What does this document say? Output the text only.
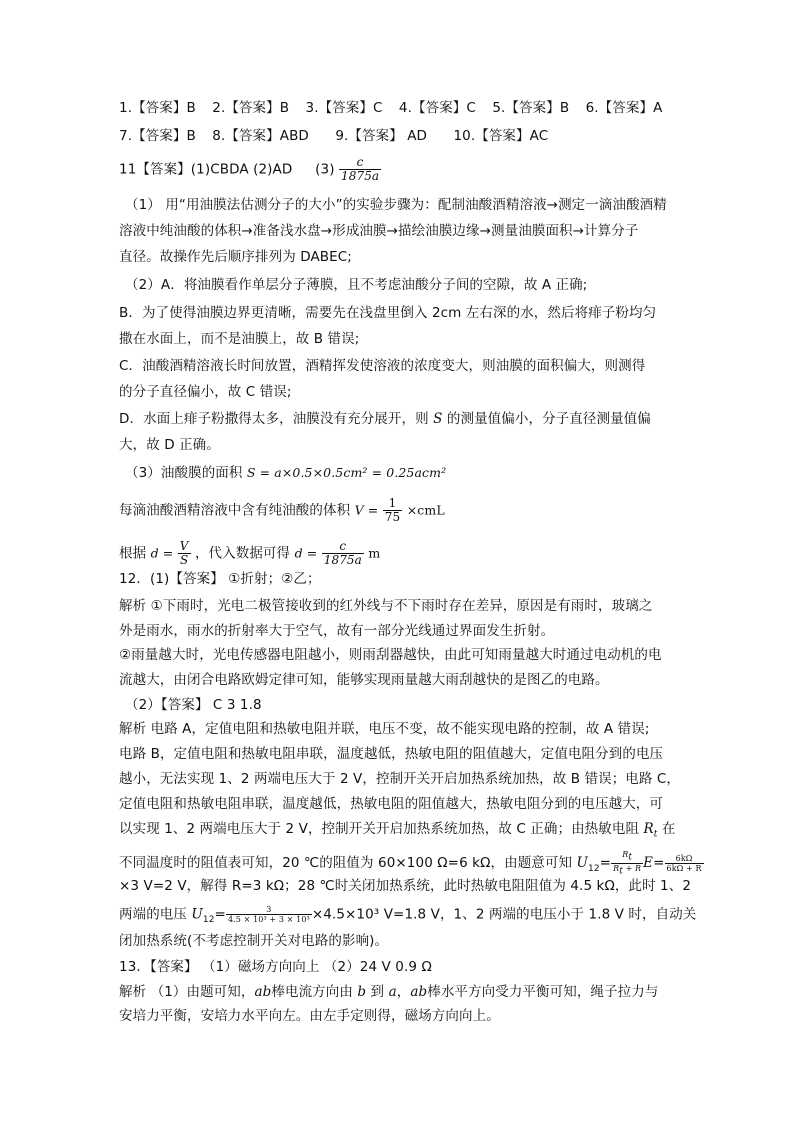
1.【答案】B 2.【答案】B 3.【答案】C 4.【答案】C 5.【答案】B 6.【答案】A
7.【答案】B 8.【答案】ABD 9.【答案】 AD 10.【答案】AC
11【答案】(1)CBDA (2)AD $(3) \frac{c}{1875a}$
（1） 用“用油膜法估测分子的大小”的实验步骤为：配制油酸酒精溶液→测定一滴油酸酒精
溶液中纯油酸的体积→准备浅水盘→形成油膜→描绘油膜边缘→测量油膜面积→计算分子
直径。故操作先后顺序排列为 DABEC;
（2）A．将油膜看作单层分子薄膜，且不考虑油酸分子间的空隙，故 A 正确;
B．为了使得油膜边界更清晰，需要先在浅盘里倒入 2cm 左右深的水，然后将痱子粉均匀
撒在水面上，而不是油膜上，故 B 错误;
C．油酸酒精溶液长时间放置，酒精挥发使溶液的浓度变大，则油膜的面积偏大，则测得
的分子直径偏小，故 C 错误;
D．水面上痱子粉撒得太多，油膜没有充分展开，则 S 的测量值偏小，分子直径测量值偏
大，故 D 正确。
（3）油酸膜的面积 S = a×0.5×0.5cm² = 0.25acm²
每滴油酸酒精溶液中含有纯油酸的体积 $V = \frac{1}{75} \times cmL$
根据 $d = \frac{V}{S}$ ，代入数据可得 $d = \frac{c}{1875a}$ m
12．(1)【答案】 ①折射；②乙；
解析 ①下雨时，光电二极管接收到的红外线与不下雨时存在差异，原因是有雨时，玻璃之
外是雨水，雨水的折射率大于空气，故有一部分光线通过界面发生折射。
②雨量越大时，光电传感器电阻越小，则雨刮器越快，由此可知雨量越大时通过电动机的电
流越大，由闭合电路欧姆定律可知，能够实现雨量越大雨刮越快的是图乙的电路。
（2）【答案】 C 3 1.8
解析 电路 A，定值电阻和热敏电阻并联，电压不变，故不能实现电路的控制，故 A 错误;
电路 B，定值电阻和热敏电阻串联，温度越低，热敏电阻的阻值越大，定值电阻分到的电压
越小，无法实现 1、2 两端电压大于 2 V，控制开关开启加热系统加热，故 B 错误；电路 C，
定值电阻和热敏电阻串联，温度越低，热敏电阻的阻值越大，热敏电阻分到的电压越大，可
以实现 1、2 两端电压大于 2 V，控制开关开启加热系统加热，故 C 正确；由热敏电阻 $R_t$ 在
不同温度时的阻值表可知，20 ℃的阻值为 60×100 Ω=6 kΩ，由题意可知 $U_{12}= \frac{R_t}{R_t + R} E= \frac{6k\Omega}{6k\Omega + R}$
×3 V=2 V，解得 R=3 kΩ；28 ℃时关闭加热系统，此时热敏电阻阻值为 4.5 kΩ，此时 1、2
两端的电压 $U_{12}= \frac{3}{\text{4.5 × 10³ + 3 × 10³}} \times 4.5\times 10^3$ V=1.8 V，1、2 两端的电压小于 1.8 V 时，自动关
闭加热系统(不考虑控制开关对电路的影响)。
13．【答案】 （1）磁场方向向上 （2）24 V 0.9 Ω
解析 （1）由题可知，ab棒电流方向由 b 到 a，ab棒水平方向受力平衡可知，绳子拉力与
安培力平衡，安培力水平向左。由左手定则得，磁场方向向上。
